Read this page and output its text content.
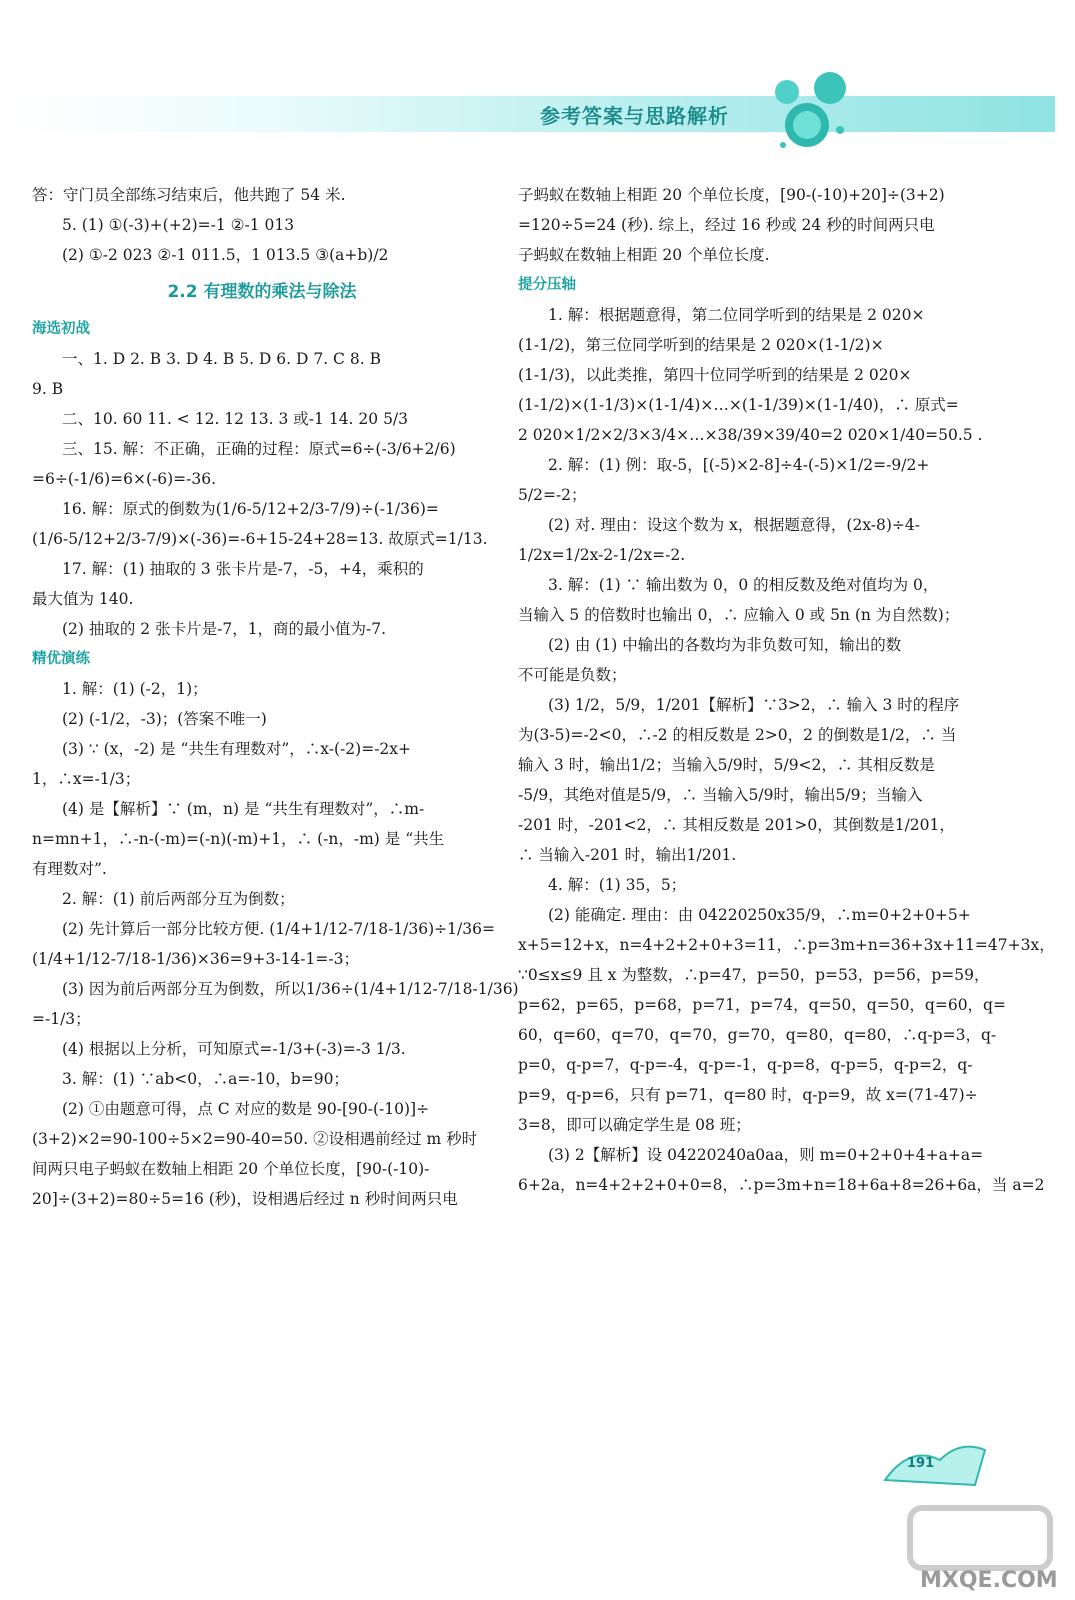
参考答案与思路解析
答：守门员全部练习结束后，他共跑了 54 米.
5. (1) ①(-3)+(+2)=-1 ②-1 013
(2) ①-2 023 ②-1 011.5，1 013.5 ③(a+b)/2
2.2 有理数的乘法与除法
海选初战
一、1. D 2. B 3. D 4. B 5. D 6. D 7. C 8. B
9. B
二、10. 60 11. < 12. 12 13. 3 或-1 14. 20 5/3
三、15. 解：不正确，正确的过程：原式=6÷(-3/6+2/6)
=6÷(-1/6)=6×(-6)=-36.
16. 解：原式的倒数为(1/6-5/12+2/3-7/9)÷(-1/36)=
(1/6-5/12+2/3-7/9)×(-36)=-6+15-24+28=13. 故原式=1/13.
17. 解：(1) 抽取的 3 张卡片是-7，-5，+4，乘积的
最大值为 140.
(2) 抽取的 2 张卡片是-7，1，商的最小值为-7.
精优演练
1. 解：(1) (-2，1)；
(2) (-1/2，-3)；(答案不唯一)
(3) ∵ (x，-2) 是 “共生有理数对”，∴x-(-2)=-2x+
1，∴x=-1/3；
(4) 是【解析】∵ (m，n) 是 “共生有理数对”，∴m-
n=mn+1，∴-n-(-m)=(-n)(-m)+1，∴ (-n，-m) 是 “共生
有理数对”.
2. 解：(1) 前后两部分互为倒数；
(2) 先计算后一部分比较方便. (1/4+1/12-7/18-1/36)÷1/36=
(1/4+1/12-7/18-1/36)×36=9+3-14-1=-3；
(3) 因为前后两部分互为倒数，所以1/36÷(1/4+1/12-7/18-1/36)
=-1/3；
(4) 根据以上分析，可知原式=-1/3+(-3)=-3 1/3.
3. 解：(1) ∵ab<0，∴a=-10，b=90；
(2) ①由题意可得，点 C 对应的数是 90-[90-(-10)]÷
(3+2)×2=90-100÷5×2=90-40=50. ②设相遇前经过 m 秒时
间两只电子蚂蚁在数轴上相距 20 个单位长度，[90-(-10)-
20]÷(3+2)=80÷5=16 (秒)，设相遇后经过 n 秒时间两只电
子蚂蚁在数轴上相距 20 个单位长度，[90-(-10)+20]÷(3+2)
=120÷5=24 (秒). 综上，经过 16 秒或 24 秒的时间两只电
子蚂蚁在数轴上相距 20 个单位长度.
提分压轴
1. 解：根据题意得，第二位同学听到的结果是 2 020×
(1-1/2)，第三位同学听到的结果是 2 020×(1-1/2)×
(1-1/3)，以此类推，第四十位同学听到的结果是 2 020×
(1-1/2)×(1-1/3)×(1-1/4)×…×(1-1/39)×(1-1/40)，∴ 原式=
2 020×1/2×2/3×3/4×…×38/39×39/40=2 020×1/40=50.5 .
2. 解：(1) 例：取-5，[(-5)×2-8]÷4-(-5)×1/2=-9/2+
5/2=-2；
(2) 对. 理由：设这个数为 x，根据题意得，(2x-8)÷4-
1/2x=1/2x-2-1/2x=-2.
3. 解：(1) ∵ 输出数为 0，0 的相反数及绝对值均为 0，
当输入 5 的倍数时也输出 0，∴ 应输入 0 或 5n (n 为自然数)；
(2) 由 (1) 中输出的各数均为非负数可知，输出的数
不可能是负数；
(3) 1/2，5/9，1/201【解析】∵3>2，∴ 输入 3 时的程序
为(3-5)=-2<0，∴-2 的相反数是 2>0，2 的倒数是1/2，∴ 当
输入 3 时，输出1/2；当输入5/9时，5/9<2，∴ 其相反数是
-5/9，其绝对值是5/9，∴ 当输入5/9时，输出5/9；当输入
-201 时，-201<2，∴ 其相反数是 201>0，其倒数是1/201，
∴ 当输入-201 时，输出1/201.
4. 解：(1) 35，5；
(2) 能确定. 理由：由 04220250x35/9，∴m=0+2+0+5+
x+5=12+x，n=4+2+2+0+3=11，∴p=3m+n=36+3x+11=47+3x，
∵0≤x≤9 且 x 为整数，∴p=47，p=50，p=53，p=56，p=59，
p=62，p=65，p=68，p=71，p=74，q=50，q=50，q=60，q=
60，q=60，q=70，q=70，g=70，q=80，q=80，∴q-p=3，q-
p=0，q-p=7，q-p=-4，q-p=-1，q-p=8，q-p=5，q-p=2，q-
p=9，q-p=6，只有 p=71，q=80 时，q-p=9，故 x=(71-47)÷
3=8，即可以确定学生是 08 班；
(3) 2【解析】设 04220240a0aa，则 m=0+2+0+4+a+a=
6+2a，n=4+2+2+0+0=8，∴p=3m+n=18+6a+8=26+6a，当 a=2
191
MXQE.COM
